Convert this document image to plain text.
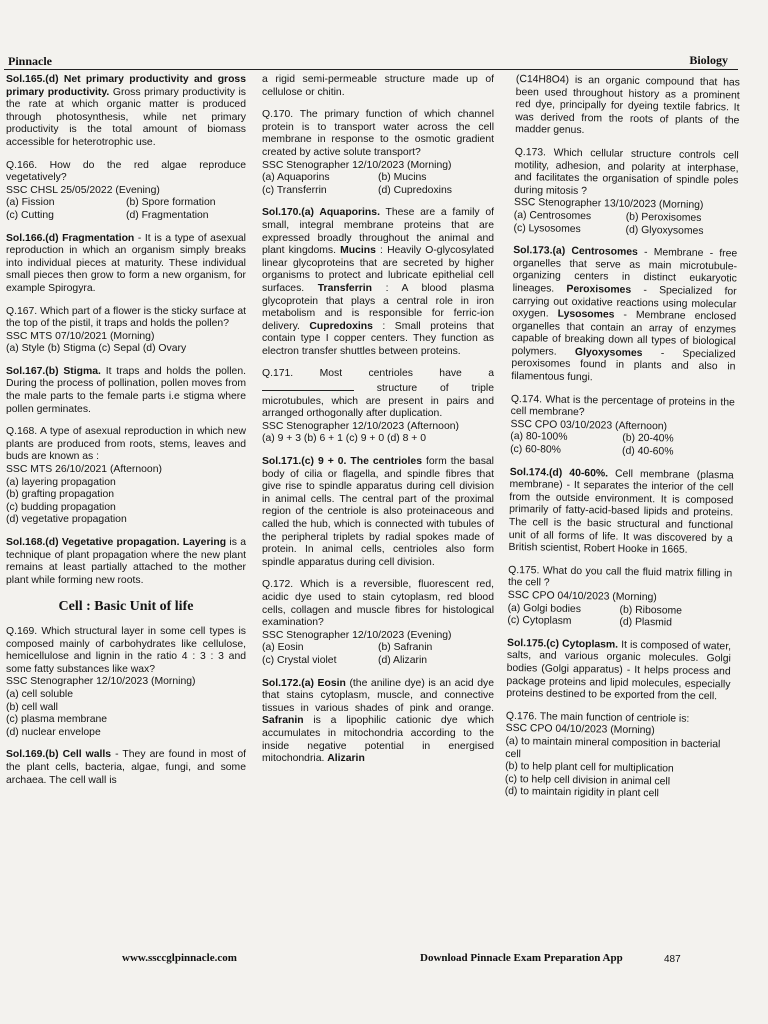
Pinnacle	Biology

Sol.165.(d) Net primary productivity and gross primary productivity. Gross primary productivity is the rate at which organic matter is produced through photosynthesis, while net primary productivity is the total amount of biomass accessible for heterotrophic use.

Q.166. How do the red algae reproduce vegetatively?

SSC CHSL 25/05/2022 (Evening)
(a) Fission	(b) Spore formation
(c) Cutting	(d) Fragmentation

Sol.166.(d) Fragmentation - It is a type of asexual reproduction in which an organism simply breaks into individual pieces at maturity. These individual small pieces then grow to form a new organism, for example Spirogyra.

Q.167. Which part of a flower is the sticky surface at the top of the pistil, it traps and holds the pollen?

SSC MTS 07/10/2021 (Morning)
(a) Style (b) Stigma (c) Sepal (d) Ovary

Sol.167.(b) Stigma. It traps and holds the pollen. During the process of pollination, pollen moves from the male parts to the female parts i.e stigma where pollen germinates.

Q.168. A type of asexual reproduction in which new plants are produced from roots, stems, leaves and buds are known as :

SSC MTS 26/10/2021 (Afternoon)
(a) layering propagation
(b) grafting propagation
(c) budding propagation
(d) vegetative propagation

Sol.168.(d) Vegetative propagation. Layering is a technique of plant propagation where the new plant remains at least partially attached to the mother plant while forming new roots.

Cell : Basic Unit of life

Q.169. Which structural layer in some cell types is composed mainly of carbohydrates like cellulose, hemicellulose and lignin in the ratio 4 : 3 : 3 and some fatty substances like wax?

SSC Stenographer 12/10/2023 (Morning)
(a) cell soluble
(b) cell wall
(c) plasma membrane
(d) nuclear envelope

Sol.169.(b) Cell walls - They are found in most of the plant cells, bacteria, algae, fungi, and some archaea. The cell wall is

a rigid semi-permeable structure made up of cellulose or chitin.

Q.170. The primary function of which channel protein is to transport water across the cell membrane in response to the osmotic gradient created by active solute transport?

SSC Stenographer 12/10/2023 (Morning)
(a) Aquaporins	(b) Mucins
(c) Transferrin	(d) Cupredoxins

Sol.170.(a) Aquaporins. These are a family of small, integral membrane proteins that are expressed broadly throughout the animal and plant kingdoms. Mucins : Heavily O-glycosylated linear glycoproteins that are secreted by higher organisms to protect and lubricate epithelial cell surfaces. Transferrin : A blood plasma glycoprotein that plays a central role in iron metabolism and is responsible for ferric-ion delivery. Cupredoxins : Small proteins that contain type I copper centers. They function as electron transfer shuttles between proteins.

Q.171. Most centrioles have a  structure of triple microtubules, which are present in pairs and arranged orthogonally after duplication.

SSC Stenographer 12/10/2023 (Afternoon)
(a) 9 + 3 (b) 6 + 1 (c) 9 + 0 (d) 8 + 0

Sol.171.(c) 9 + 0. The centrioles form the basal body of cilia or flagella, and spindle fibres that give rise to spindle apparatus during cell division in animal cells. The central part of the proximal region of the centriole is also proteinaceous and called the hub, which is connected with tubules of the peripheral triplets by radial spokes made of protein. In animal cells, centrioles also form spindle apparatus during cell division.

Q.172. Which is a reversible, fluorescent red, acidic dye used to stain cytoplasm, red blood cells, collagen and muscle fibres for histological examination?

SSC Stenographer 12/10/2023 (Evening)
(a) Eosin	(b) Safranin
(c) Crystal violet	(d) Alizarin

Sol.172.(a) Eosin (the aniline dye) is an acid dye that stains cytoplasm, muscle, and connective tissues in various shades of pink and orange. Safranin is a lipophilic cationic dye which accumulates in mitochondria according to the inside negative potential in energised mitochondria. Alizarin

(C14H8O4) is an organic compound that has been used throughout history as a prominent red dye, principally for dyeing textile fabrics. It was derived from the roots of plants of the madder genus.

Q.173. Which cellular structure controls cell motility, adhesion, and polarity at interphase, and facilitates the organisation of spindle poles during mitosis ?

SSC Stenographer 13/10/2023 (Morning)
(a) Centrosomes	(b) Peroxisomes
(c) Lysosomes	(d) Glyoxysomes

Sol.173.(a) Centrosomes - Membrane - free organelles that serve as main microtubule-organizing centers in distinct eukaryotic lineages. Peroxisomes - Specialized for carrying out oxidative reactions using molecular oxygen. Lysosomes - Membrane enclosed organelles that contain an array of enzymes capable of breaking down all types of biological polymers. Glyoxysomes - Specialized peroxisomes found in plants and also in filamentous fungi.

Q.174. What is the percentage of proteins in the cell membrane?

SSC CPO 03/10/2023 (Afternoon)
(a) 80-100%	(b) 20-40%
(c) 60-80%	(d) 40-60%

Sol.174.(d) 40-60%. Cell membrane (plasma membrane) - It separates the interior of the cell from the outside environment. It is composed primarily of fatty-acid-based lipids and proteins. The cell is the basic structural and functional unit of all forms of life. It was discovered by a British scientist, Robert Hooke in 1665.

Q.175. What do you call the fluid matrix filling in the cell ?

SSC CPO 04/10/2023 (Morning)
(a) Golgi bodies	(b) Ribosome
(c) Cytoplasm	(d) Plasmid

Sol.175.(c) Cytoplasm. It is composed of water, salts, and various organic molecules. Golgi bodies (Golgi apparatus) - It helps process and package proteins and lipid molecules, especially proteins destined to be exported from the cell.

Q.176. The main function of centriole is:

SSC CPO 04/10/2023 (Morning)
(a) to maintain mineral composition in bacterial cell
(b) to help plant cell for multiplication
(c) to help cell division in animal cell
(d) to maintain rigidity in plant cell
www.ssccglpinnacle.com	Download Pinnacle Exam Preparation App	487
